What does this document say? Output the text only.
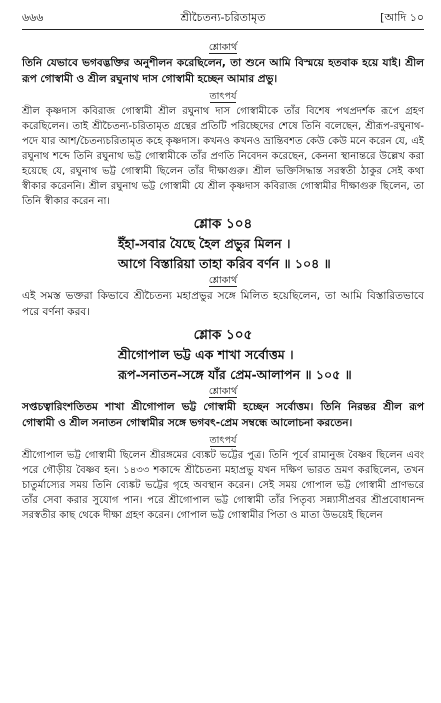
৬৬৬	শ্রীচৈতন্য-চরিতামৃত	[আদি ১০

শ্লোকার্থ

তিনি যেভাবে ভগবদ্ভক্তির অনুশীলন করেছিলেন, তা শুনে আমি বিস্ময়ে হতবাক হয়ে যাই। শ্রীল রূপ গোস্বামী ও শ্রীল রঘুনাথ দাস গোস্বামী হচ্ছেন আমার প্রভু।

তাৎপর্য

শ্রীল কৃষ্ণদাস কবিরাজ গোস্বামী শ্রীল রঘুনাথ দাস গোস্বামীকে তাঁর বিশেষ পথপ্রদর্শক রূপে গ্রহণ করেছিলেন। তাই শ্রীচৈতন্য-চরিতামৃত গ্রন্থের প্রতিটি পরিচ্ছেদের শেষে তিনি বলেছেন, শ্রীরূপ-রঘুনাথ-পদে যার আশ/চৈতন্যচরিতামৃত কহে কৃষ্ণদাস। কখনও কখনও ভ্রান্তিবশত কেউ কেউ মনে করেন যে, এই রঘুনাথ শব্দে তিনি রঘুনাথ ভট্ট গোস্বামীকে তাঁর প্রণতি নিবেদন করেছেন, কেননা স্থানান্তরে উল্লেখ করা হয়েছে যে, রঘুনাথ ভট্ট গোস্বামী ছিলেন তাঁর দীক্ষাগুরু। শ্রীল ভক্তিসিদ্ধান্ত সরস্বতী ঠাকুর সেই কথা স্বীকার করেননি। শ্রীল রঘুনাথ ভট্ট গোস্বামী যে শ্রীল কৃষ্ণদাস কবিরাজ গোস্বামীর দীক্ষাগুরু ছিলেন, তা তিনি স্বীকার করেন না।

শ্লোক ১০৪

ইঁহা-সবার যৈছে হৈল প্রভুর মিলন ।

আগে বিস্তারিয়া তাহা করিব বর্ণন ॥ ১০৪ ॥

শ্লোকার্থ

এই সমস্ত ভক্তরা কিভাবে শ্রীচৈতন্য মহাপ্রভুর সঙ্গে মিলিত হয়েছিলেন, তা আমি বিস্তারিতভাবে পরে বর্ণনা করব।

শ্লোক ১০৫

শ্রীগোপাল ভট্ট এক শাখা সর্বোত্তম ।

রূপ-সনাতন-সঙ্গে যাঁর প্রেম-আলাপন ॥ ১০৫ ॥

শ্লোকার্থ

সপ্তচত্বারিংশতিতম শাখা শ্রীগোপাল ভট্ট গোস্বামী হচ্ছেন সর্বোত্তম। তিনি নিরন্তর শ্রীল রূপ গোস্বামী ও শ্রীল সনাতন গোস্বামীর সঙ্গে ভগবৎ-প্রেম সম্বন্ধে আলোচনা করতেন।

তাৎপর্য

শ্রীগোপাল ভট্ট গোস্বামী ছিলেন শ্রীরঙ্গমের ব্যেঙ্কট ভট্টের পুত্র। তিনি পূর্বে রামানুজ বৈষ্ণব ছিলেন এবং পরে গৌড়ীয় বৈষ্ণব হন। ১৪৩৩ শকাব্দে শ্রীচৈতন্য মহাপ্রভু যখন দক্ষিণ ভারত ভ্রমণ করছিলেন, তখন চাতুর্মাস্যের সময় তিনি ব্যেঙ্কট ভট্টের গৃহে অবস্থান করেন। সেই সময় গোপাল ভট্ট গোস্বামী প্রাণভরে তাঁর সেবা করার সুযোগ পান। পরে শ্রীগোপাল ভট্ট গোস্বামী তাঁর পিতৃব্য সন্ন্যাসীপ্রবর শ্রীপ্রবোধানন্দ সরস্বতীর কাছ থেকে দীক্ষা গ্রহণ করেন। গোপাল ভট্ট গোস্বামীর পিতা ও মাতা উভয়েই ছিলেন
